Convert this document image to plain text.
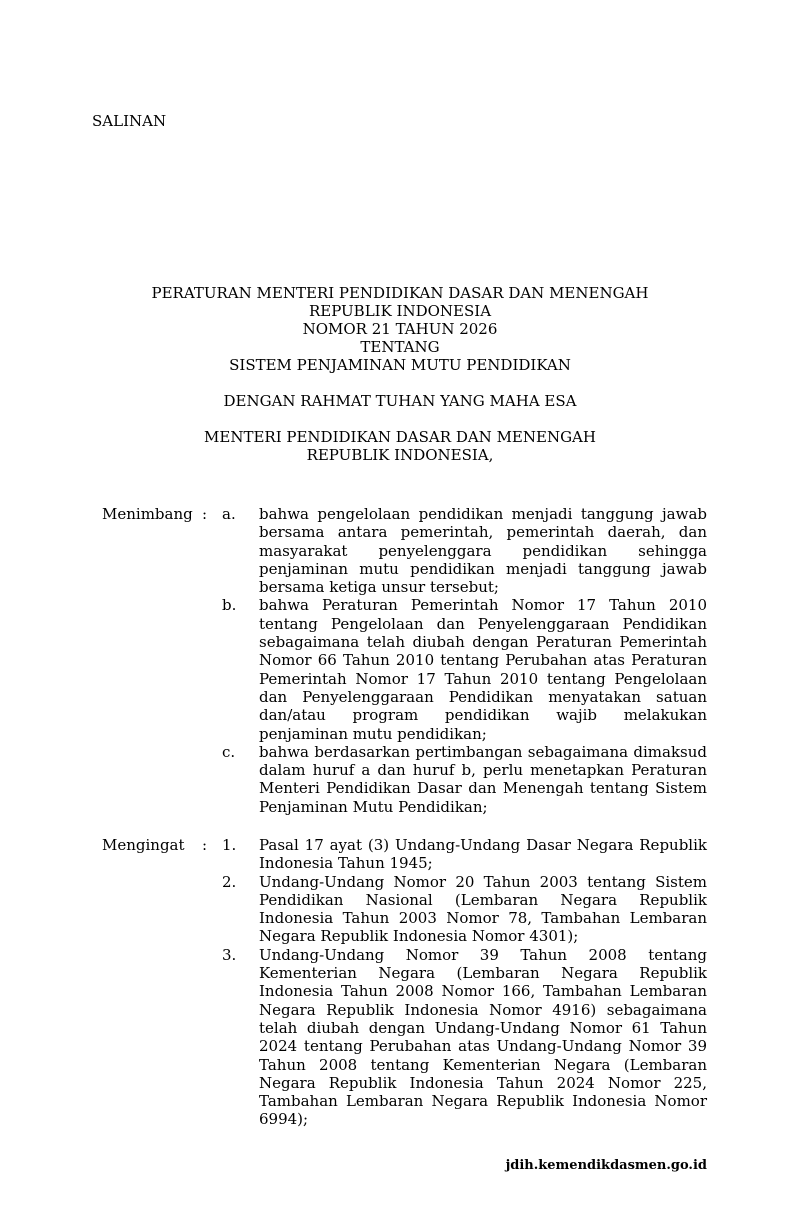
SALINAN
PERATURAN MENTERI PENDIDIKAN DASAR DAN MENENGAH
REPUBLIK INDONESIA
NOMOR 21 TAHUN 2026
TENTANG
SISTEM PENJAMINAN MUTU PENDIDIKAN
DENGAN RAHMAT TUHAN YANG MAHA ESA
MENTERI PENDIDIKAN DASAR DAN MENENGAH
REPUBLIK INDONESIA,
Menimbang : a. bahwa pengelolaan pendidikan menjadi tanggung jawab bersama antara pemerintah, pemerintah daerah, dan masyarakat penyelenggara pendidikan sehingga penjaminan mutu pendidikan menjadi tanggung jawab bersama ketiga unsur tersebut;
b. bahwa Peraturan Pemerintah Nomor 17 Tahun 2010 tentang Pengelolaan dan Penyelenggaraan Pendidikan sebagaimana telah diubah dengan Peraturan Pemerintah Nomor 66 Tahun 2010 tentang Perubahan atas Peraturan Pemerintah Nomor 17 Tahun 2010 tentang Pengelolaan dan Penyelenggaraan Pendidikan menyatakan satuan dan/atau program pendidikan wajib melakukan penjaminan mutu pendidikan;
c. bahwa berdasarkan pertimbangan sebagaimana dimaksud dalam huruf a dan huruf b, perlu menetapkan Peraturan Menteri Pendidikan Dasar dan Menengah tentang Sistem Penjaminan Mutu Pendidikan;
Mengingat : 1. Pasal 17 ayat (3) Undang-Undang Dasar Negara Republik Indonesia Tahun 1945;
2. Undang-Undang Nomor 20 Tahun 2003 tentang Sistem Pendidikan Nasional (Lembaran Negara Republik Indonesia Tahun 2003 Nomor 78, Tambahan Lembaran Negara Republik Indonesia Nomor 4301);
3. Undang-Undang Nomor 39 Tahun 2008 tentang Kementerian Negara (Lembaran Negara Republik Indonesia Tahun 2008 Nomor 166, Tambahan Lembaran Negara Republik Indonesia Nomor 4916) sebagaimana telah diubah dengan Undang-Undang Nomor 61 Tahun 2024 tentang Perubahan atas Undang-Undang Nomor 39 Tahun 2008 tentang Kementerian Negara (Lembaran Negara Republik Indonesia Tahun 2024 Nomor 225, Tambahan Lembaran Negara Republik Indonesia Nomor 6994);
jdih.kemendikdasmen.go.id
